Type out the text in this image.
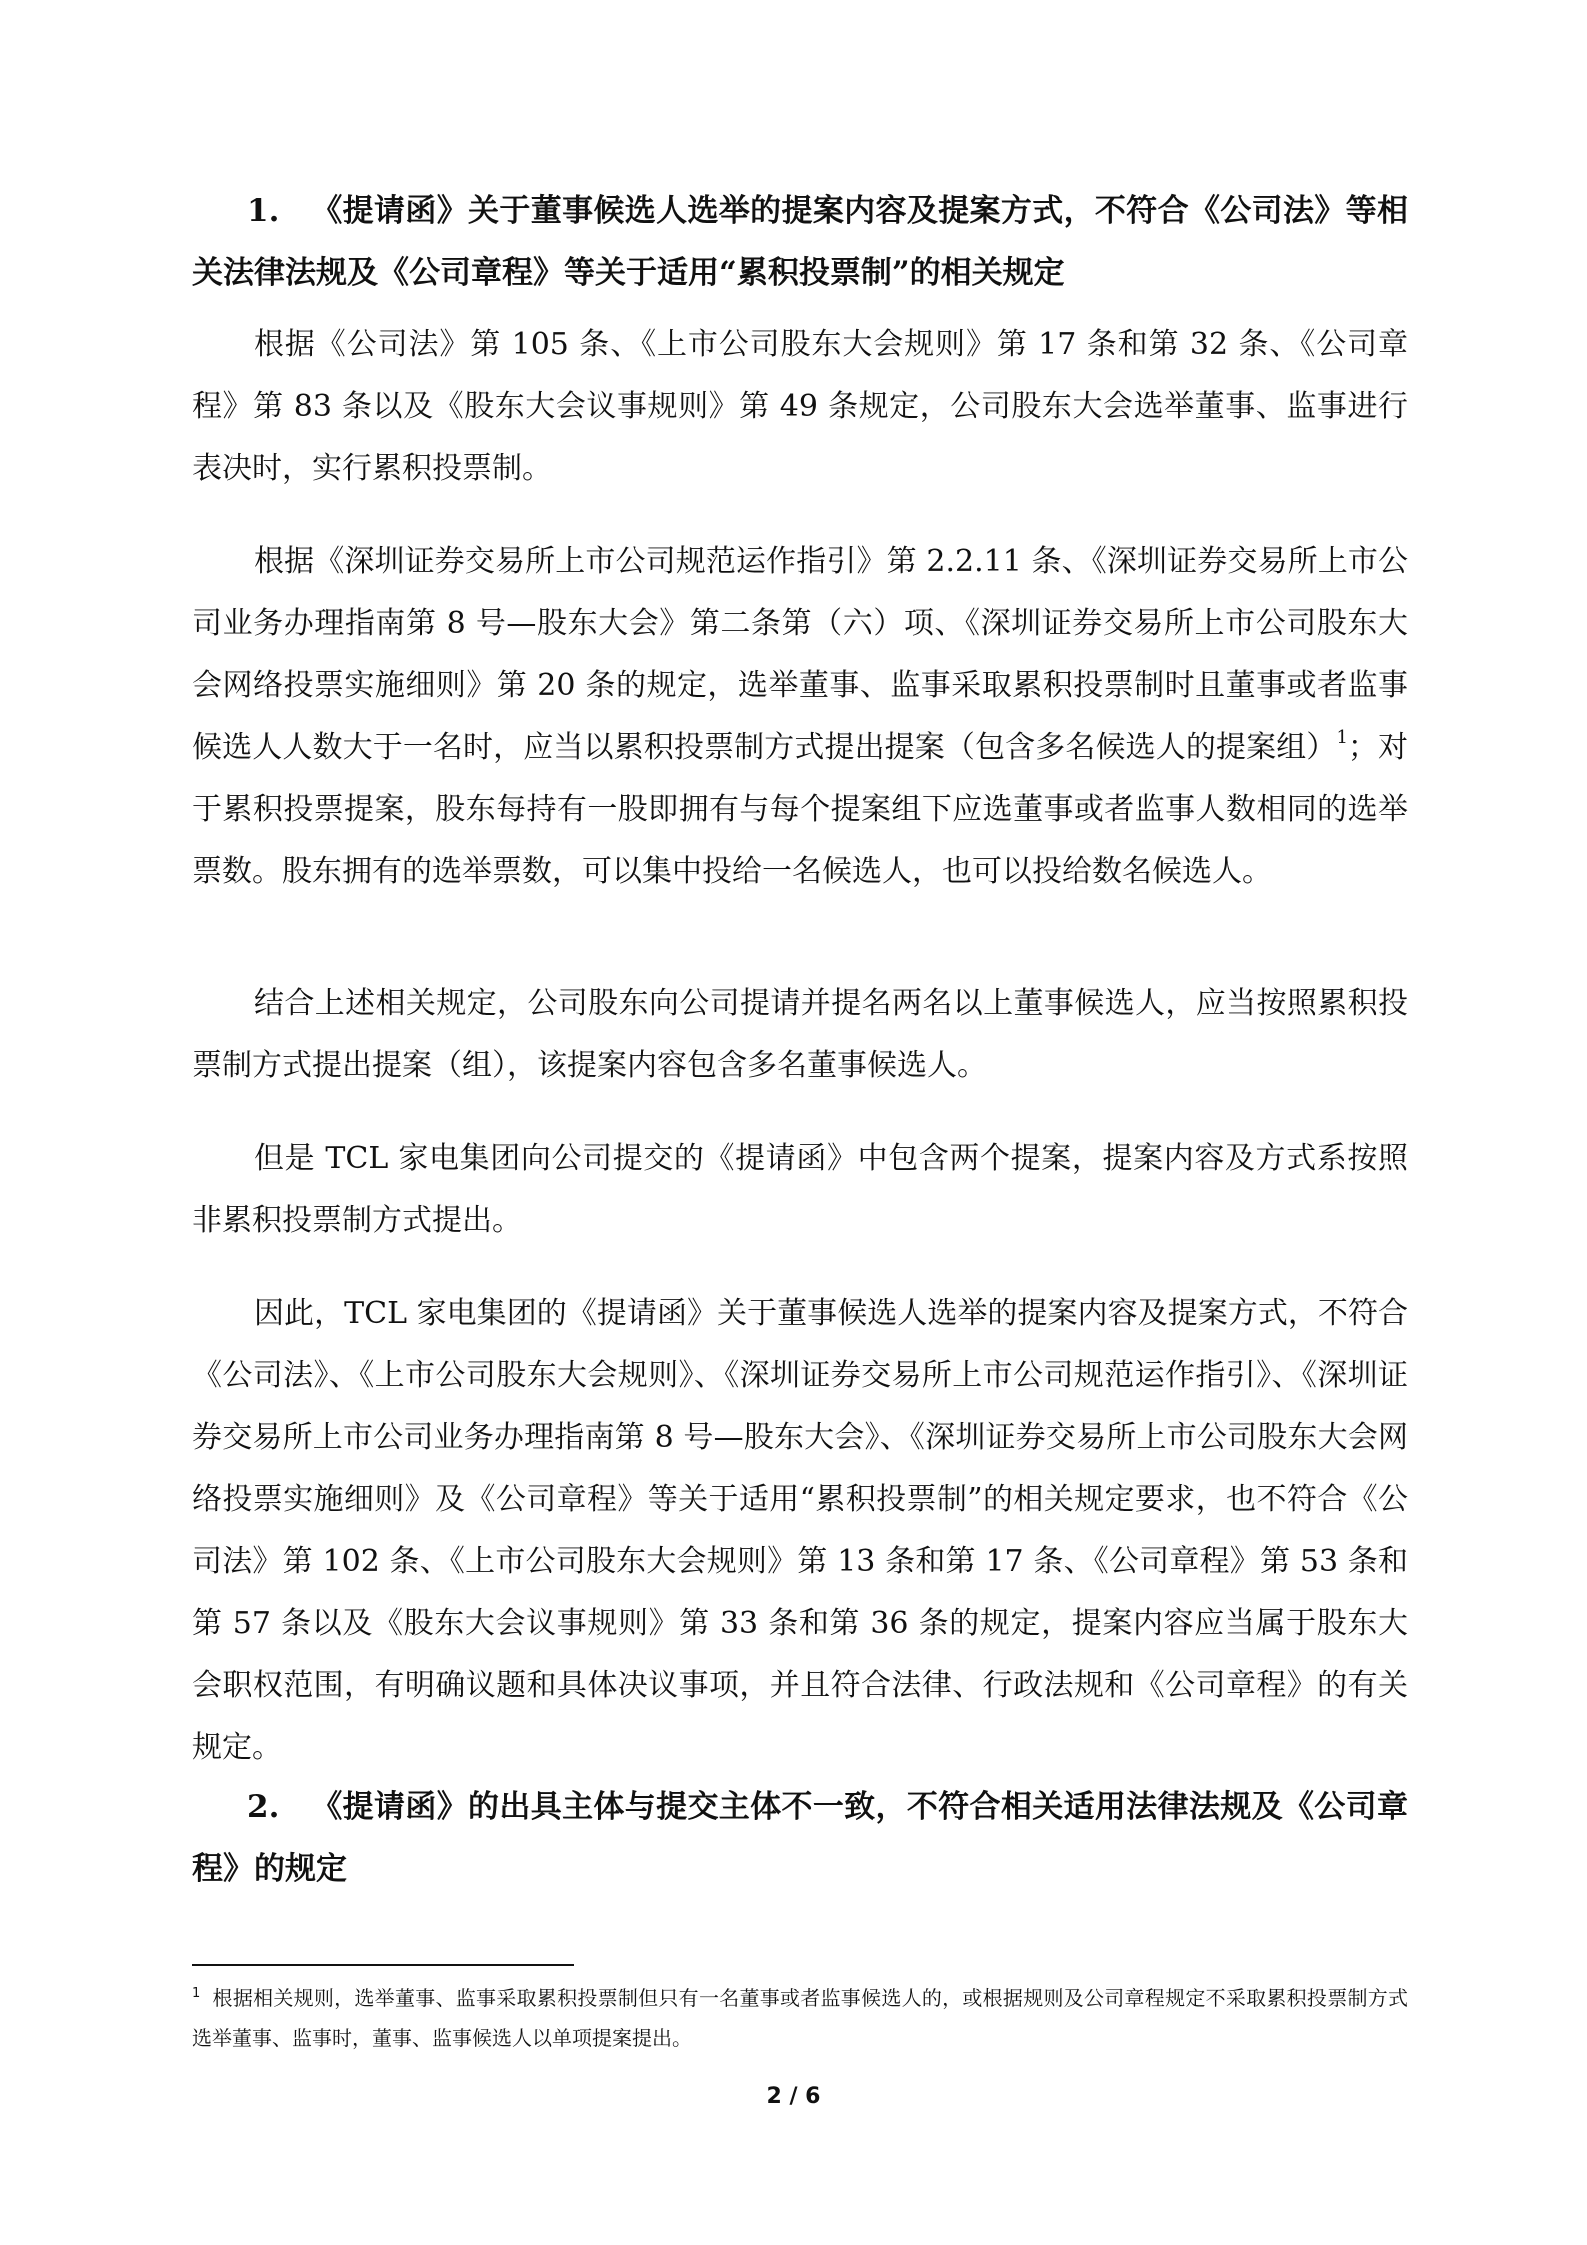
1. 《提请函》关于董事候选人选举的提案内容及提案方式，不符合《公司法》等相关法律法规及《公司章程》等关于适用“累积投票制”的相关规定

根据《公司法》第 105 条、《上市公司股东大会规则》第 17 条和第 32 条、《公司章程》第 83 条以及《股东大会议事规则》第 49 条规定，公司股东大会选举董事、监事进行表决时，实行累积投票制。

根据《深圳证券交易所上市公司规范运作指引》第 2.2.11 条、《深圳证券交易所上市公司业务办理指南第 8 号—股东大会》第二条第（六）项、《深圳证券交易所上市公司股东大会网络投票实施细则》第 20 条的规定，选举董事、监事采取累积投票制时且董事或者监事候选人人数大于一名时，应当以累积投票制方式提出提案（包含多名候选人的提案组）$^1$；对于累积投票提案，股东每持有一股即拥有与每个提案组下应选董事或者监事人数相同的选举票数。股东拥有的选举票数，可以集中投给一名候选人，也可以投给数名候选人。

结合上述相关规定，公司股东向公司提请并提名两名以上董事候选人，应当按照累积投票制方式提出提案（组），该提案内容包含多名董事候选人。

但是 TCL 家电集团向公司提交的《提请函》中包含两个提案，提案内容及方式系按照非累积投票制方式提出。

因此，TCL 家电集团的《提请函》关于董事候选人选举的提案内容及提案方式，不符合《公司法》、《上市公司股东大会规则》、《深圳证券交易所上市公司规范运作指引》、《深圳证券交易所上市公司业务办理指南第 8 号—股东大会》、《深圳证券交易所上市公司股东大会网络投票实施细则》及《公司章程》等关于适用“累积投票制”的相关规定要求，也不符合《公司法》第 102 条、《上市公司股东大会规则》第 13 条和第 17 条、《公司章程》第 53 条和第 57 条以及《股东大会议事规则》第 33 条和第 36 条的规定，提案内容应当属于股东大会职权范围，有明确议题和具体决议事项，并且符合法律、行政法规和《公司章程》的有关规定。

2. 《提请函》的出具主体与提交主体不一致，不符合相关适用法律法规及《公司章程》的规定

$^1$ 根据相关规则，选举董事、监事采取累积投票制但只有一名董事或者监事候选人的，或根据规则及公司章程规定不采取累积投票制方式选举董事、监事时，董事、监事候选人以单项提案提出。

2 / 6
